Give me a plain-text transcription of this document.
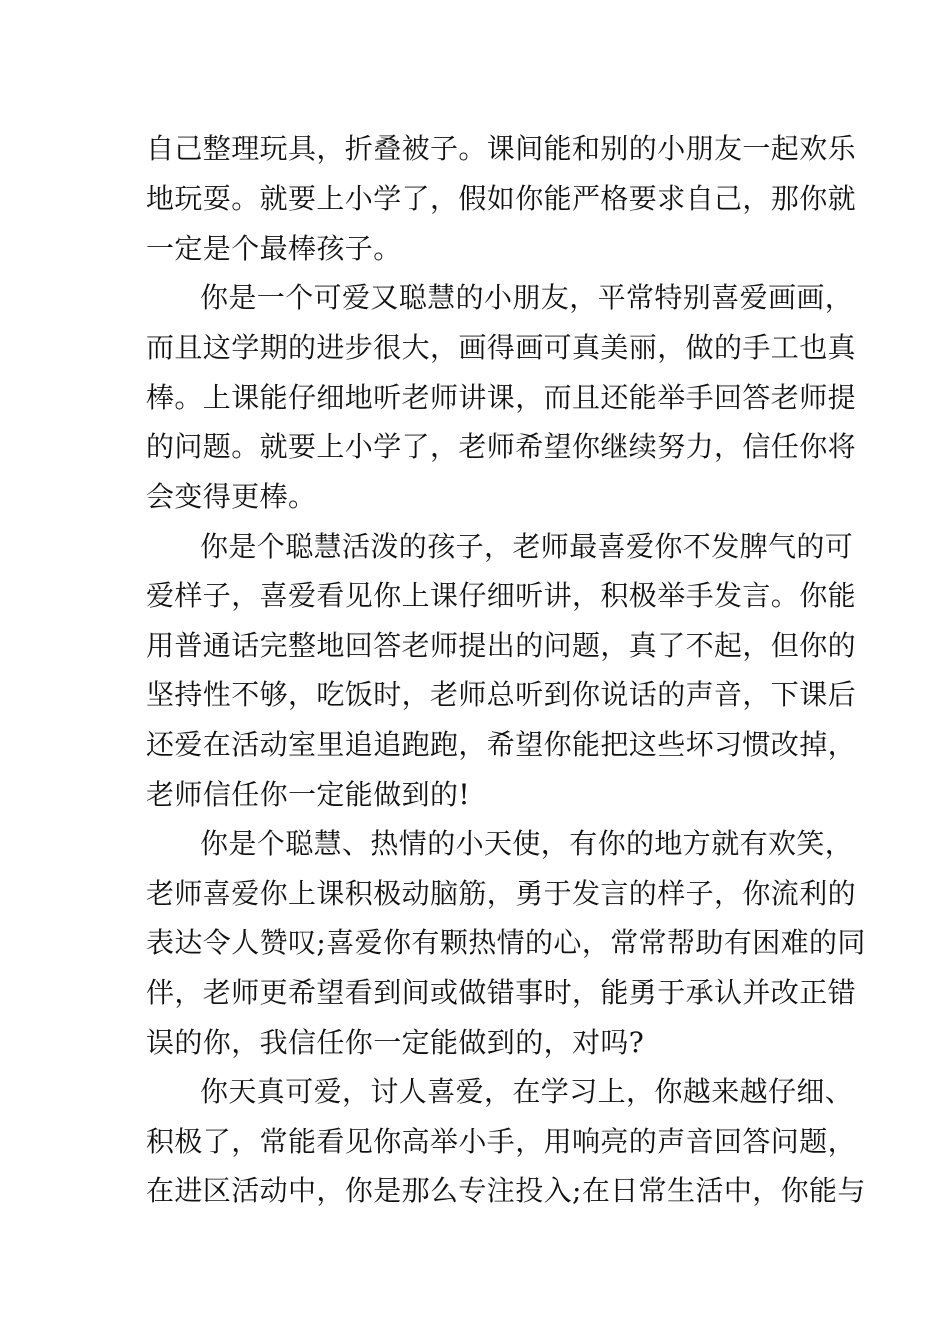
自己整理玩具，折叠被子。课间能和别的小朋友一起欢乐
地玩耍。就要上小学了，假如你能严格要求自己，那你就
一定是个最棒孩子。
你是一个可爱又聪慧的小朋友，平常特别喜爱画画，
而且这学期的进步很大，画得画可真美丽，做的手工也真
棒。上课能仔细地听老师讲课，而且还能举手回答老师提
的问题。就要上小学了，老师希望你继续努力，信任你将
会变得更棒。
你是个聪慧活泼的孩子，老师最喜爱你不发脾气的可
爱样子，喜爱看见你上课仔细听讲，积极举手发言。你能
用普通话完整地回答老师提出的问题，真了不起，但你的
坚持性不够，吃饭时，老师总听到你说话的声音，下课后
还爱在活动室里追追跑跑，希望你能把这些坏习惯改掉，
老师信任你一定能做到的!
你是个聪慧、热情的小天使，有你的地方就有欢笑，
老师喜爱你上课积极动脑筋，勇于发言的样子，你流利的
表达令人赞叹;喜爱你有颗热情的心，常常帮助有困难的同
伴，老师更希望看到间或做错事时，能勇于承认并改正错
误的你，我信任你一定能做到的，对吗?
你天真可爱，讨人喜爱，在学习上，你越来越仔细、
积极了，常能看见你高举小手，用响亮的声音回答问题，
在进区活动中，你是那么专注投入;在日常生活中，你能与
